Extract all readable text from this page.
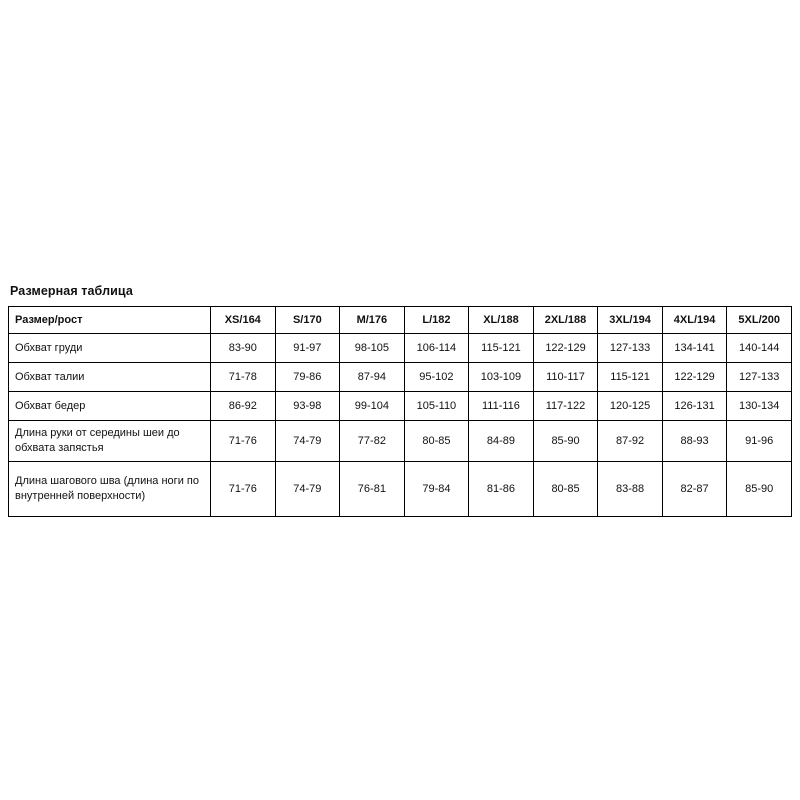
Размерная таблица
Размер/рост	XS/164	S/170	M/176	L/182	XL/188	2XL/188	3XL/194	4XL/194	5XL/200
Обхват груди	83-90	91-97	98-105	106-114	115-121	122-129	127-133	134-141	140-144
Обхват талии	71-78	79-86	87-94	95-102	103-109	110-117	115-121	122-129	127-133
Обхват бедер	86-92	93-98	99-104	105-110	111-116	117-122	120-125	126-131	130-134
Длина руки от середины шеи до обхвата запястья	71-76	74-79	77-82	80-85	84-89	85-90	87-92	88-93	91-96
Длина шагового шва (длина ноги по внутренней поверхности)	71-76	74-79	76-81	79-84	81-86	80-85	83-88	82-87	85-90
